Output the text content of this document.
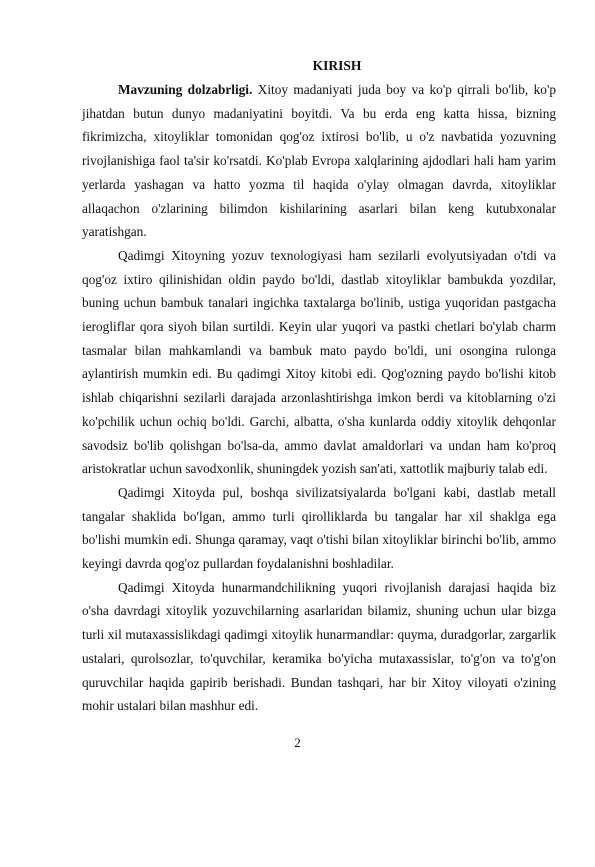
KIRISH

Mavzuning dolzabrligi. Xitoy madaniyati juda boy va ko'p qirrali bo'lib, ko'p jihatdan butun dunyo madaniyatini boyitdi. Va bu erda eng katta hissa, bizning fikrimizcha, xitoyliklar tomonidan qog'oz ixtirosi bo'lib, u o'z navbatida yozuvning rivojlanishiga faol ta'sir ko'rsatdi. Ko'plab Evropa xalqlarining ajdodlari hali ham yarim yerlarda yashagan va hatto yozma til haqida o'ylay olmagan davrda, xitoyliklar allaqachon o'zlarining bilimdon kishilarining asarlari bilan keng kutubxonalar yaratishgan.

Qadimgi Xitoyning yozuv texnologiyasi ham sezilarli evolyutsiyadan o'tdi va qog'oz ixtiro qilinishidan oldin paydo bo'ldi, dastlab xitoyliklar bambukda yozdilar, buning uchun bambuk tanalari ingichka taxtalarga bo'linib, ustiga yuqoridan pastgacha ierogliflar qora siyoh bilan surtildi. Keyin ular yuqori va pastki chetlari bo'ylab charm tasmalar bilan mahkamlandi va bambuk mato paydo bo'ldi, uni osongina rulonga aylantirish mumkin edi. Bu qadimgi Xitoy kitobi edi. Qog'ozning paydo bo'lishi kitob ishlab chiqarishni sezilarli darajada arzonlashtirishga imkon berdi va kitoblarning o'zi ko'pchilik uchun ochiq bo'ldi. Garchi, albatta, o'sha kunlarda oddiy xitoylik dehqonlar savodsiz bo'lib qolishgan bo'lsa-da, ammo davlat amaldorlari va undan ham ko'proq aristokratlar uchun savodxonlik, shuningdek yozish san'ati, xattotlik majburiy talab edi.

Qadimgi Xitoyda pul, boshqa sivilizatsiyalarda bo'lgani kabi, dastlab metall tangalar shaklida bo'lgan, ammo turli qirolliklarda bu tangalar har xil shaklga ega bo'lishi mumkin edi. Shunga qaramay, vaqt o'tishi bilan xitoyliklar birinchi bo'lib, ammo keyingi davrda qog'oz pullardan foydalanishni boshladilar.

Qadimgi Xitoyda hunarmandchilikning yuqori rivojlanish darajasi haqida biz o'sha davrdagi xitoylik yozuvchilarning asarlaridan bilamiz, shuning uchun ular bizga turli xil mutaxassislikdagi qadimgi xitoylik hunarmandlar: quyma, duradgorlar, zargarlik ustalari, qurolsozlar, to'quvchilar, keramika bo'yicha mutaxassislar, to'g'on va to'g'on quruvchilar haqida gapirib berishadi. Bundan tashqari, har bir Xitoy viloyati o'zining mohir ustalari bilan mashhur edi.

2
